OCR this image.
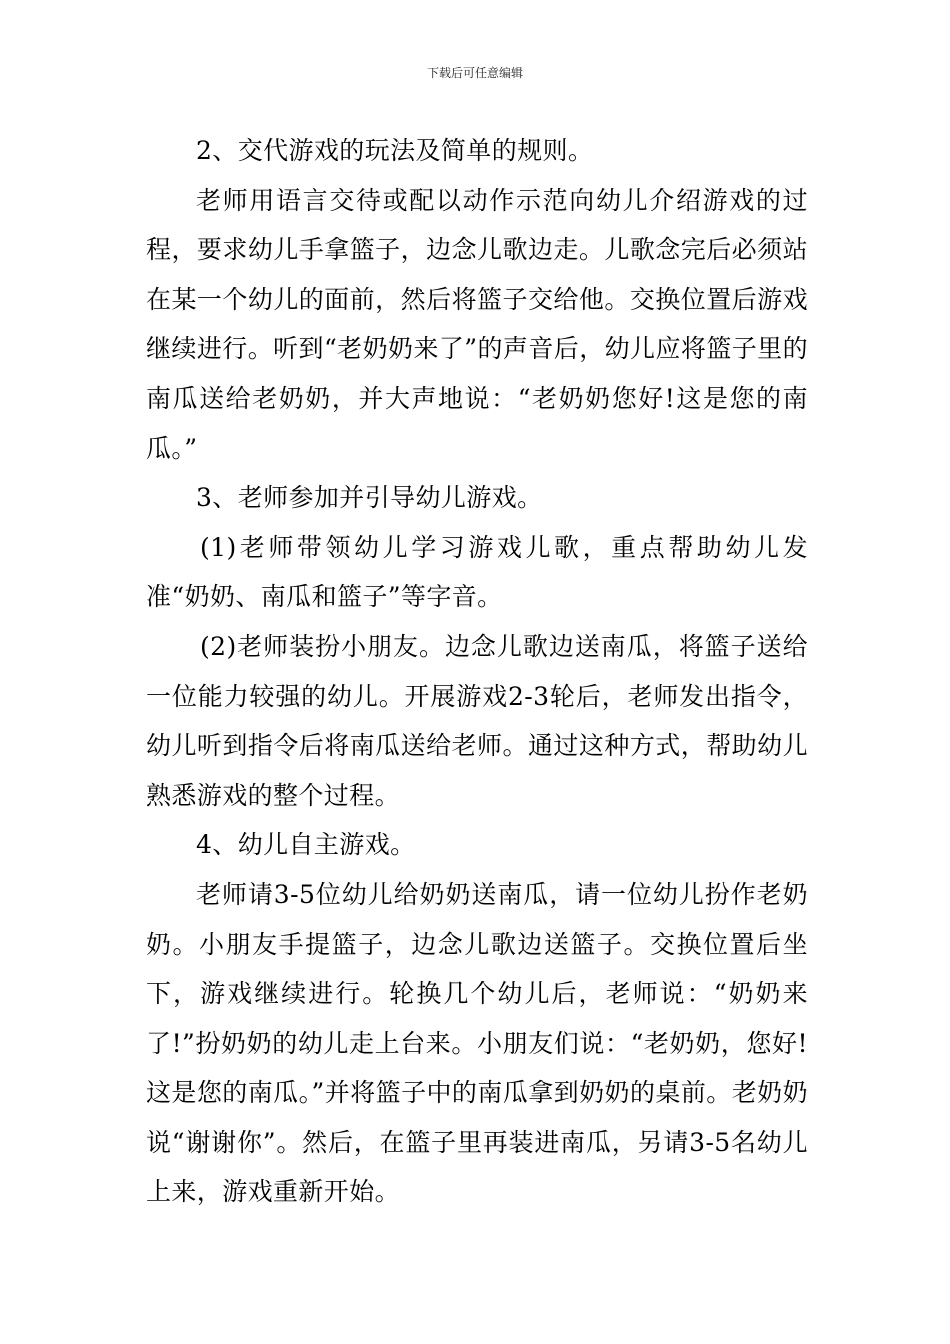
下载后可任意编辑

2、交代游戏的玩法及简单的规则。

老师用语言交待或配以动作示范向幼儿介绍游戏的过程，要求幼儿手拿篮子，边念儿歌边走。儿歌念完后必须站在某一个幼儿的面前，然后将篮子交给他。交换位置后游戏继续进行。听到“老奶奶来了”的声音后，幼儿应将篮子里的南瓜送给老奶奶，并大声地说：“老奶奶您好!这是您的南瓜。”

3、老师参加并引导幼儿游戏。

(1)老师带领幼儿学习游戏儿歌，重点帮助幼儿发准“奶奶、南瓜和篮子”等字音。

(2)老师装扮小朋友。边念儿歌边送南瓜，将篮子送给一位能力较强的幼儿。开展游戏2-3轮后，老师发出指令，幼儿听到指令后将南瓜送给老师。通过这种方式，帮助幼儿熟悉游戏的整个过程。

4、幼儿自主游戏。

老师请3-5位幼儿给奶奶送南瓜，请一位幼儿扮作老奶奶。小朋友手提篮子，边念儿歌边送篮子。交换位置后坐下，游戏继续进行。轮换几个幼儿后，老师说：“奶奶来了!”扮奶奶的幼儿走上台来。小朋友们说：“老奶奶，您好!这是您的南瓜。”并将篮子中的南瓜拿到奶奶的桌前。老奶奶说“谢谢你”。然后，在篮子里再装进南瓜，另请3-5名幼儿上来，游戏重新开始。
